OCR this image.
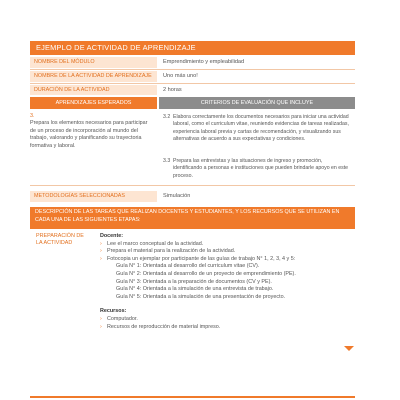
EJEMPLO DE ACTIVIDAD DE APRENDIZAJE
NOMBRE DEL MÓDULO	Emprendimiento y empleabilidad
NOMBRE DE LA ACTIVIDAD DE APRENDIZAJE	Uno más uno!
DURACIÓN DE LA ACTIVIDAD	2 horas
APRENDIZAJES ESPERADOS	CRITERIOS DE EVALUACIÓN QUE INCLUYE
3.
Prepara los elementos necesarios para participar de un proceso de incorporación al mundo del trabajo, valorando y planificando su trayectoria formativa y laboral.
3.2 Elabora correctamente los documentos necesarios para iniciar una actividad laboral, como el curriculum vitae, reuniendo evidencias de tareas realizadas, experiencia laboral previa y cartas de recomendación, y visualizando sus alternativas de acuerdo a sus expectativas y condiciones.
3.3 Prepara las entrevistas y las situaciones de ingreso y promoción, identificando a personas e instituciones que pueden brindarle apoyo en este proceso.
METODOLOGÍAS SELECCIONADAS	Simulación
DESCRIPCIÓN DE LAS TAREAS QUE REALIZAN DOCENTES Y ESTUDIANTES, Y LOS RECURSOS QUE SE UTILIZAN EN CADA UNA DE LAS SIGUIENTES ETAPAS:
PREPARACIÓN DE LA ACTIVIDAD
Docente:
› Lee el marco conceptual de la actividad.
› Prepara el material para la realización de la actividad.
› Fotocopia un ejemplar por participante de las guías de trabajo N° 1, 2, 3, 4 y 5:
Guía N° 1: Orientada al desarrollo del curriculum vitae (CV).
Guía N° 2: Orientada al desarrollo de un proyecto de emprendimiento (PE).
Guía N° 3: Orientada a la preparación de documentos (CV y PE).
Guía N° 4: Orientada a la simulación de una entrevista de trabajo.
Guía N° 5: Orientada a la simulación de una presentación de proyecto.
Recursos:
› Computador.
› Recursos de reproducción de material impreso.
